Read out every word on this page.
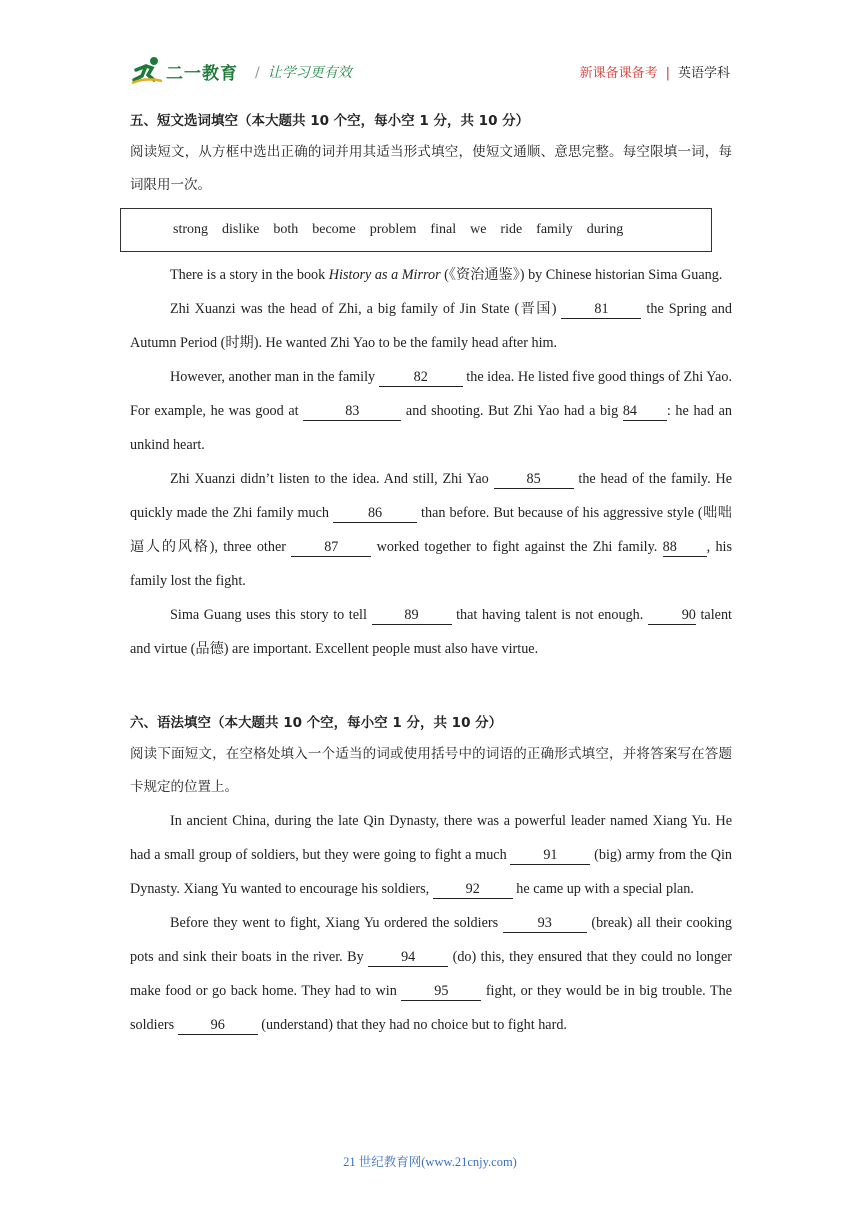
二一教育 / 让学习更有效	新课备课备考 | 英语学科

五、短文选词填空（本大题共 10 个空，每小空 1 分，共 10 分）

阅读短文，从方框中选出正确的词并用其适当形式填空，使短文通顺、意思完整。每空限填一词，每词限用一次。

strong dislike both become problem final we ride family during

There is a story in the book History as a Mirror (《资治通鉴》) by Chinese historian Sima Guang.

Zhi Xuanzi was the head of Zhi, a big family of Jin State (晋国) 81 the Spring and Autumn Period (时期). He wanted Zhi Yao to be the family head after him.

However, another man in the family 82 the idea. He listed five good things of Zhi Yao. For example, he was good at	83	and shooting. But Zhi Yao had a big 84 : he had an unkind heart.

Zhi Xuanzi didn’t listen to the idea. And still, Zhi Yao 85 the head of the family. He quickly made the Zhi family much 86 than before. But because of his aggressive style (咄咄逼人的风格), three other 87 worked together to fight against the Zhi family. 88 , his family lost the fight.

Sima Guang uses this story to tell 89 that having talent is not enough. 90 talent and virtue (品德) are important. Excellent people must also have virtue.

六、语法填空（本大题共 10 个空，每小空 1 分，共 10 分）

阅读下面短文，在空格处填入一个适当的词或使用括号中的词语的正确形式填空，并将答案写在答题卡规定的位置上。

In ancient China, during the late Qin Dynasty, there was a powerful leader named Xiang Yu. He had a small group of soldiers, but they were going to fight a much 91 (big) army from the Qin Dynasty. Xiang Yu wanted to encourage his soldiers, 92 he came up with a special plan.

Before they went to fight, Xiang Yu ordered the soldiers 93 (break) all their cooking pots and sink their boats in the river. By 94 (do) this, they ensured that they could no longer make food or go back home. They had to win 95 fight, or they would be in big trouble. The soldiers 96 (understand) that they had no choice but to fight hard.

21 世纪教育网(www.21cnjy.com)
